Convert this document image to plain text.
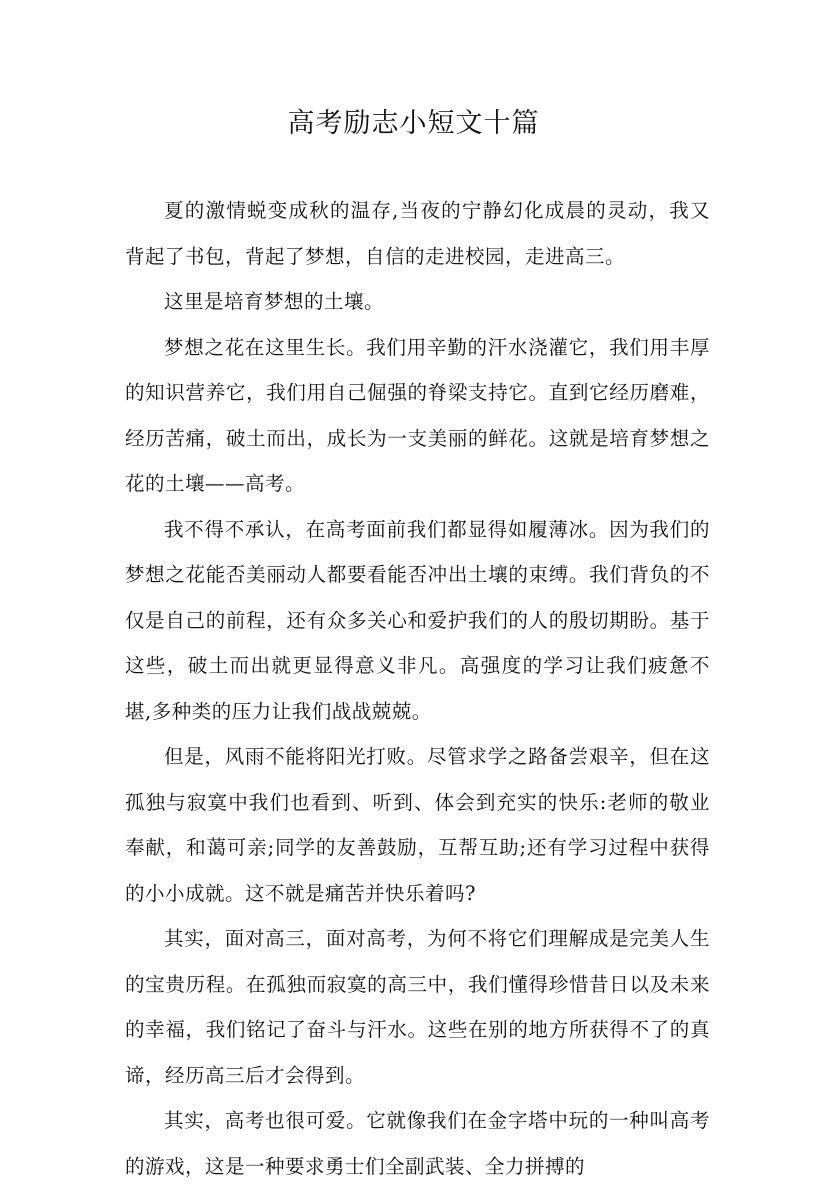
高考励志小短文十篇

夏的激情蜕变成秋的温存,当夜的宁静幻化成晨的灵动，我又背起了书包，背起了梦想，自信的走进校园，走进高三。

这里是培育梦想的土壤。

梦想之花在这里生长。我们用辛勤的汗水浇灌它，我们用丰厚的知识营养它，我们用自己倔强的脊梁支持它。直到它经历磨难，经历苦痛，破土而出，成长为一支美丽的鲜花。这就是培育梦想之花的土壤——高考。

我不得不承认，在高考面前我们都显得如履薄冰。因为我们的梦想之花能否美丽动人都要看能否冲出土壤的束缚。我们背负的不仅是自己的前程，还有众多关心和爱护我们的人的殷切期盼。基于这些，破土而出就更显得意义非凡。高强度的学习让我们疲惫不堪,多种类的压力让我们战战兢兢。

但是，风雨不能将阳光打败。尽管求学之路备尝艰辛，但在这孤独与寂寞中我们也看到、听到、体会到充实的快乐:老师的敬业奉献，和蔼可亲;同学的友善鼓励，互帮互助;还有学习过程中获得的小小成就。这不就是痛苦并快乐着吗?

其实，面对高三，面对高考，为何不将它们理解成是完美人生的宝贵历程。在孤独而寂寞的高三中，我们懂得珍惜昔日以及未来的幸福，我们铭记了奋斗与汗水。这些在别的地方所获得不了的真谛，经历高三后才会得到。

其实，高考也很可爱。它就像我们在金字塔中玩的一种叫高考的游戏，这是一种要求勇士们全副武装、全力拼搏的
